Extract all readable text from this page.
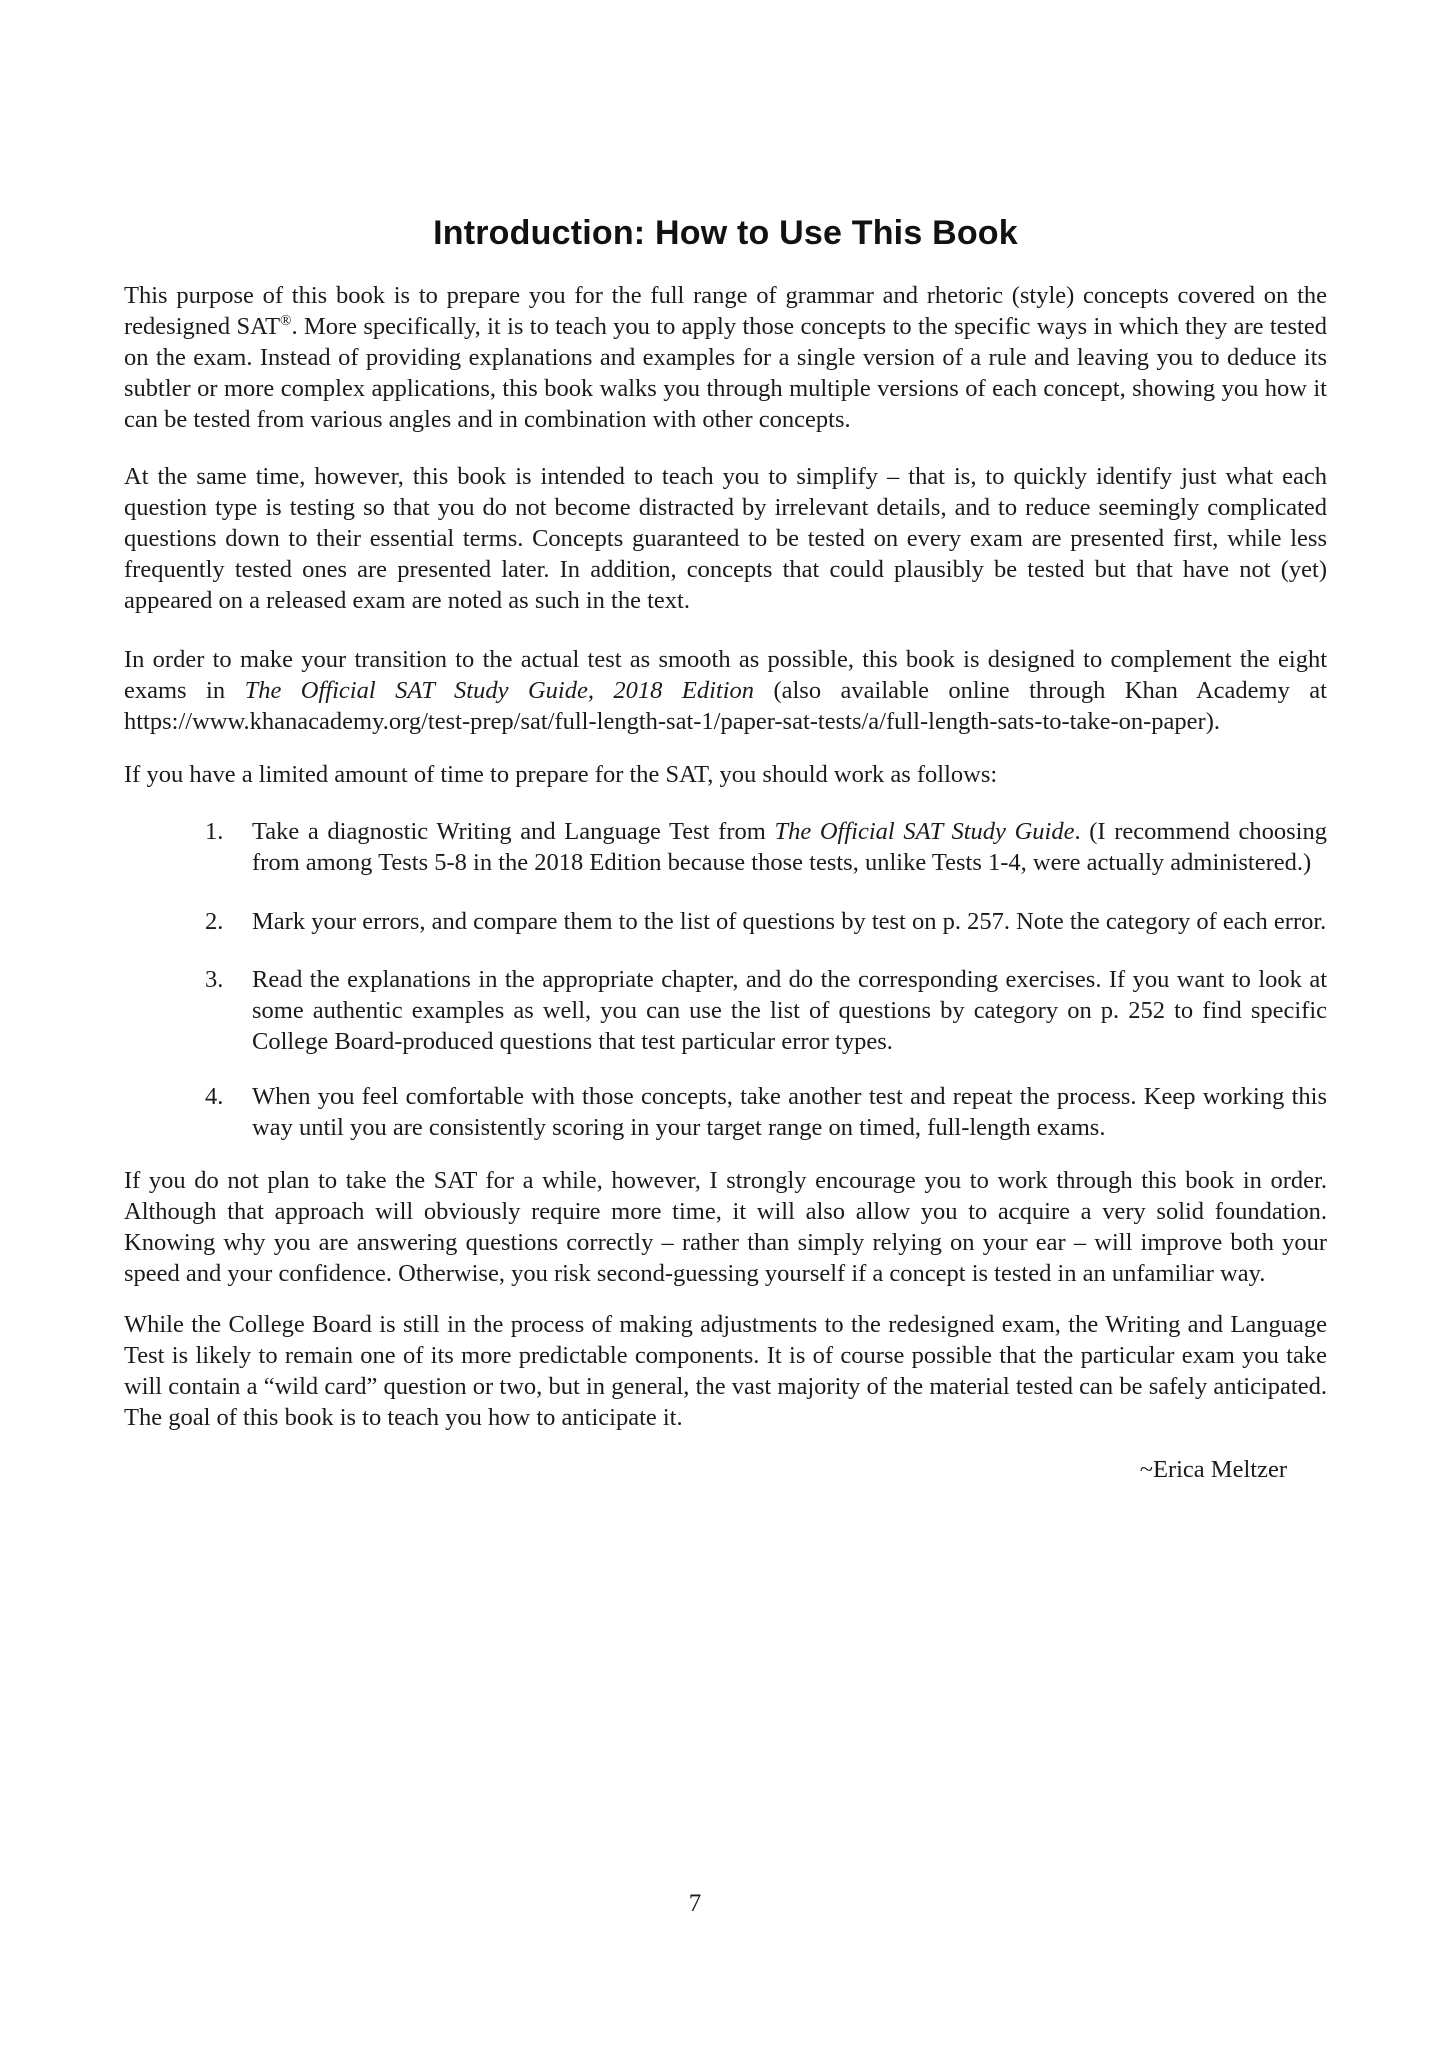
Introduction: How to Use This Book

This purpose of this book is to prepare you for the full range of grammar and rhetoric (style) concepts covered on the redesigned SAT®. More specifically, it is to teach you to apply those concepts to the specific ways in which they are tested on the exam. Instead of providing explanations and examples for a single version of a rule and leaving you to deduce its subtler or more complex applications, this book walks you through multiple versions of each concept, showing you how it can be tested from various angles and in combination with other concepts.

At the same time, however, this book is intended to teach you to simplify – that is, to quickly identify just what each question type is testing so that you do not become distracted by irrelevant details, and to reduce seemingly complicated questions down to their essential terms. Concepts guaranteed to be tested on every exam are presented first, while less frequently tested ones are presented later. In addition, concepts that could plausibly be tested but that have not (yet) appeared on a released exam are noted as such in the text.

In order to make your transition to the actual test as smooth as possible, this book is designed to complement the eight exams in The Official SAT Study Guide, 2018 Edition (also available online through Khan Academy at https://www.khanacademy.org/test-prep/sat/full-length-sat-1/paper-sat-tests/a/full-length-sats-to-take-on-paper).

If you have a limited amount of time to prepare for the SAT, you should work as follows:

1.	Take a diagnostic Writing and Language Test from The Official SAT Study Guide. (I recommend choosing from among Tests 5-8 in the 2018 Edition because those tests, unlike Tests 1-4, were actually administered.)

2.	Mark your errors, and compare them to the list of questions by test on p. 257. Note the category of each error.

3.	Read the explanations in the appropriate chapter, and do the corresponding exercises. If you want to look at some authentic examples as well, you can use the list of questions by category on p. 252 to find specific College Board-produced questions that test particular error types.

4.	When you feel comfortable with those concepts, take another test and repeat the process. Keep working this way until you are consistently scoring in your target range on timed, full-length exams.

If you do not plan to take the SAT for a while, however, I strongly encourage you to work through this book in order. Although that approach will obviously require more time, it will also allow you to acquire a very solid foundation. Knowing why you are answering questions correctly – rather than simply relying on your ear – will improve both your speed and your confidence. Otherwise, you risk second-guessing yourself if a concept is tested in an unfamiliar way.

While the College Board is still in the process of making adjustments to the redesigned exam, the Writing and Language Test is likely to remain one of its more predictable components. It is of course possible that the particular exam you take will contain a “wild card” question or two, but in general, the vast majority of the material tested can be safely anticipated. The goal of this book is to teach you how to anticipate it.

~Erica Meltzer

7
